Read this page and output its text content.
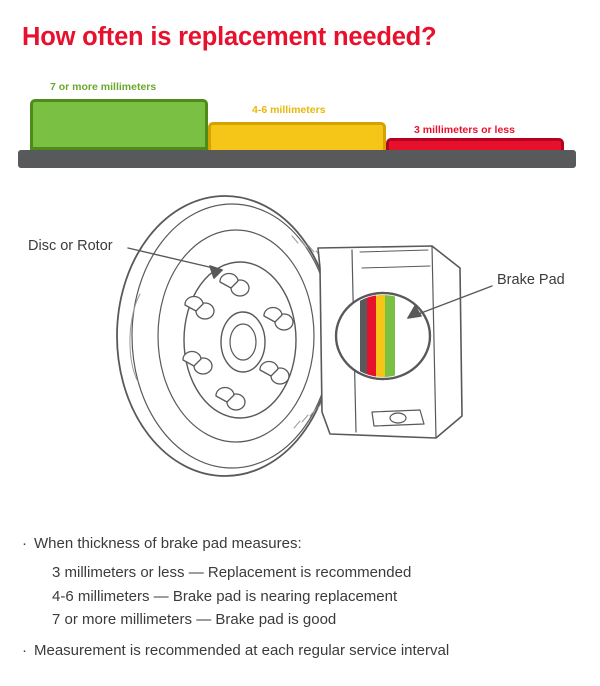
How often is replacement needed?
7 or more millimeters
4-6 millimeters
3 millimeters or less
Disc or Rotor
Brake Pad
· When thickness of brake pad measures:
3 millimeters or less — Replacement is recommended
4-6 millimeters — Brake pad is nearing replacement
7 or more millimeters — Brake pad is good
· Measurement is recommended at each regular service interval
